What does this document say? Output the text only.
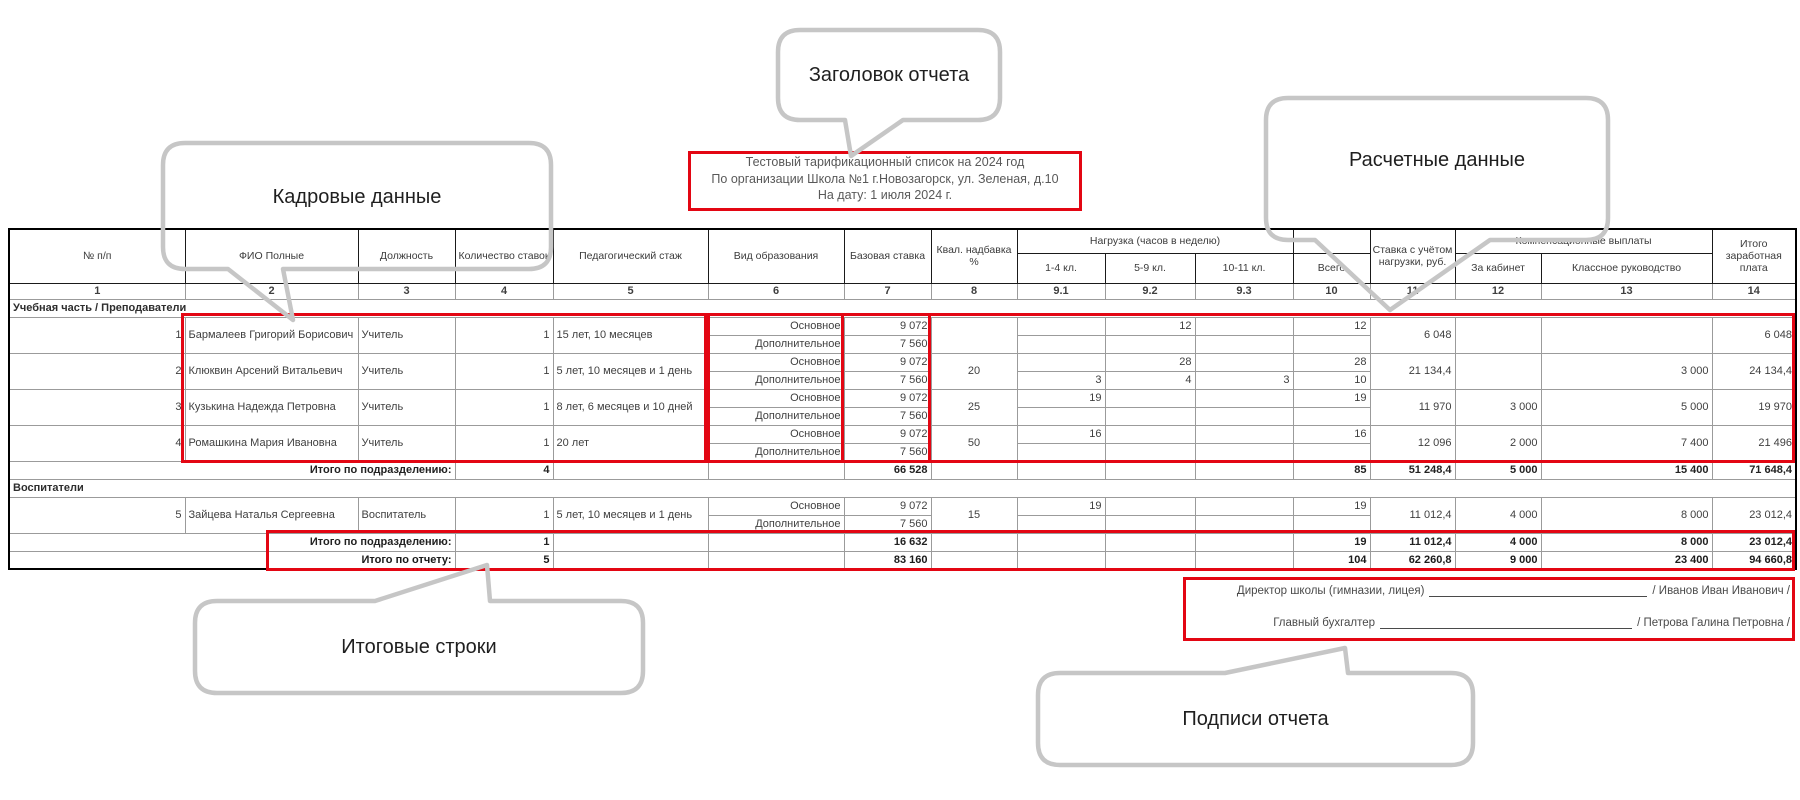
Тестовый тарификационный список на 2024 год
По организации Школа №1 г.Новозагорск, ул. Зеленая, д.10
На дату: 1 июля 2024 г.
№ п/п	ФИО Полные	Должность	Количество ставок	Педагогический стаж	Вид образования	Базовая ставка	Квал. надбавка %	Нагрузка (часов в неделю)				Ставка с учётом нагрузки, руб.	Компенсационные выплаты		Итого заработная плата
								1-4 кл.	5-9 кл.	10-11 кл.	Всего		За кабинет	Классное руководство	
1	2	3	4	5	6	7	8	9.1	9.2	9.3	10	11	12	13	14
Учебная часть / Преподаватели															
1	Бармалеев Григорий Борисович	Учитель	1	15 лет, 10 месяцев	Основное	9 072			12		12	6 048			6 048
					Дополнительное	7 560									
2	Клюквин Арсений Витальевич	Учитель	1	5 лет, 10 месяцев и 1 день	Основное	9 072	20		28		28	21 134,4		3 000	24 134,4
					Дополнительное	7 560		3	4	3	10				
3	Кузькина Надежда Петровна	Учитель	1	8 лет, 6 месяцев и 10 дней	Основное	9 072	25	19			19	11 970	3 000	5 000	19 970
					Дополнительное	7 560									
4	Ромашкина Мария Ивановна	Учитель	1	20 лет	Основное	9 072	50	16			16	12 096	2 000	7 400	21 496
					Дополнительное	7 560									
Итого по подразделению:			4			66 528					85	51 248,4	5 000	15 400	71 648,4
Воспитатели															
5	Зайцева Наталья Сергеевна	Воспитатель	1	5 лет, 10 месяцев и 1 день	Основное	9 072	15	19			19	11 012,4	4 000	8 000	23 012,4
					Дополнительное	7 560									
Итого по подразделению:			1			16 632					19	11 012,4	4 000	8 000	23 012,4
Итого по отчету:			5			83 160					104	62 260,8	9 000	23 400	94 660,8
Директор школы (гимназии, лицея)	/ Иванов Иван Иванович /
Главный бухгалтер	/ Петрова Галина Петровна /
Заголовок отчета
Кадровые данные
Расчетные данные
Итоговые строки
Подписи отчета
